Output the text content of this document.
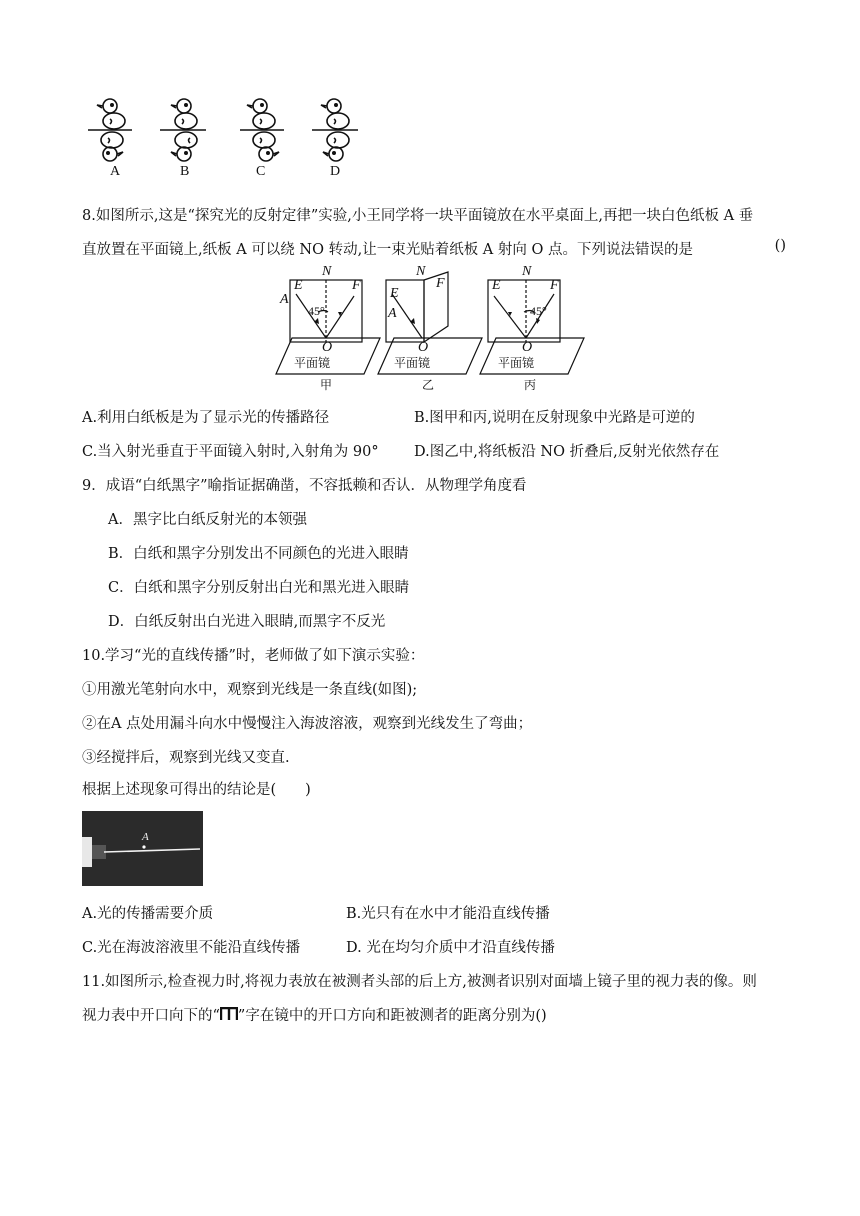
A	B	C	D
8.如图所示,这是“探究光的反射定律”实验,小王同学将一块平面镜放在水平桌面上,再把一块白色纸板 A 垂
直放置在平面镜上,纸板 A 可以绕 NO 转动,让一束光贴着纸板 A 射向 O 点。下列说法错误的是	()
N
A
E	F
45°
O
平面镜
甲
N
E
A
F
O
平面镜
乙
N
E	F
45°
O
平面镜
丙
A.利用白纸板是为了显示光的传播路径	B.图甲和丙,说明在反射现象中光路是可逆的
C.当入射光垂直于平面镜入射时,入射角为 90° D.图乙中,将纸板沿 NO 折叠后,反射光依然存在
9．成语“白纸黑字”喻指证据确凿，不容抵赖和否认．从物理学角度看
A．黑字比白纸反射光的本领强
B．白纸和黑字分别发出不同颜色的光进入眼睛
C．白纸和黑字分别反射出白光和黑光进入眼睛
D．白纸反射出白光进入眼睛,而黑字不反光
10.学习“光的直线传播”时，老师做了如下演示实验：
①用激光笔射向水中，观察到光线是一条直线(如图);
②在A 点处用漏斗向水中慢慢注入海波溶液，观察到光线发生了弯曲；
③经搅拌后，观察到光线又变直.
根据上述现象可得出的结论是(　　)
A
A.光的传播需要介质	B.光只有在水中才能沿直线传播
C.光在海波溶液里不能沿直线传播	D. 光在均匀介质中才沿直线传播
11.如图所示,检查视力时,将视力表放在被测者头部的后上方,被测者识别对面墙上镜子里的视力表的像。则
视力表中开口向下的“ ”字在镜中的开口方向和距被测者的距离分别为()
